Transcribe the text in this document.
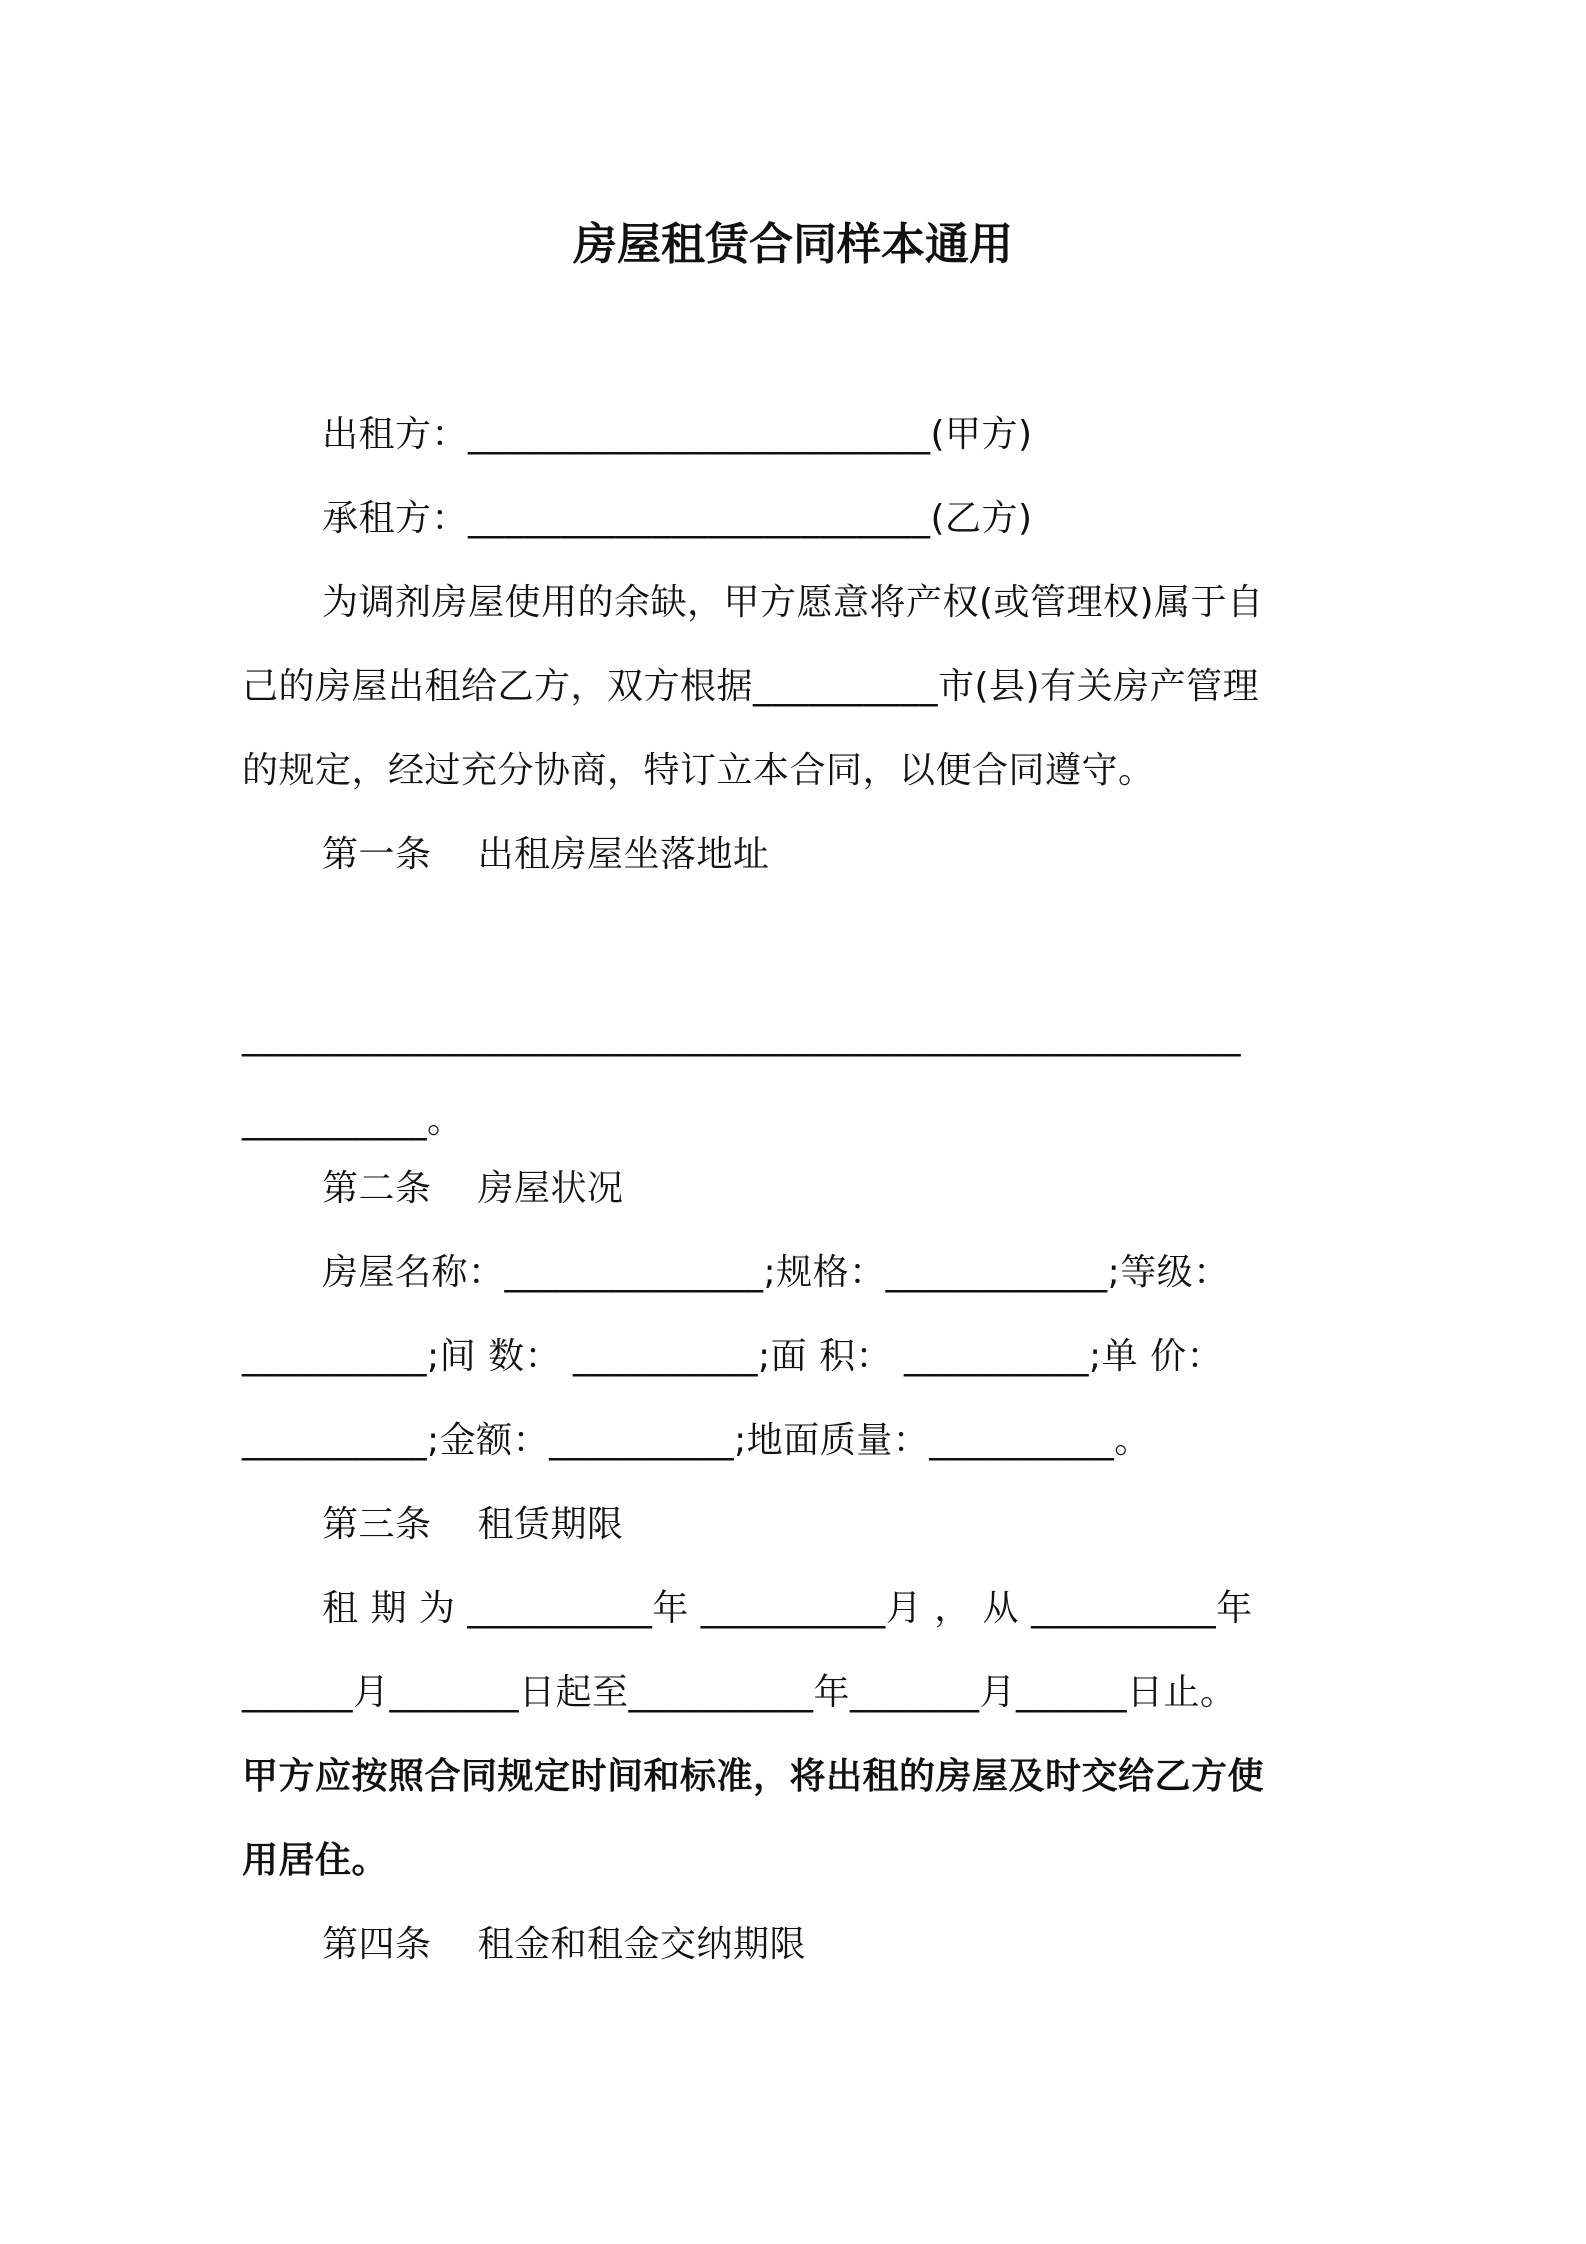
房屋租赁合同样本通用
出租方：_________________________(甲方)
承租方：_________________________(乙方)
为调剂房屋使用的余缺，甲方愿意将产权(或管理权)属于自
己的房屋出租给乙方，双方根据__________市(县)有关房产管理
的规定，经过充分协商，特订立本合同，以便合同遵守。
第一条 出租房屋坐落地址
______________________________________________________
__________。
第二条 房屋状况
房屋名称：______________;规格：____________;等级：
__________;间 数： __________;面 积： __________;单 价：
__________;金额：__________;地面质量：__________。
第三条 租赁期限
租 期 为 __________年 __________月 ， 从 __________年
______月_______日起至__________年_______月______日止。
甲方应按照合同规定时间和标准，将出租的房屋及时交给乙方使
用居住。
第四条 租金和租金交纳期限
